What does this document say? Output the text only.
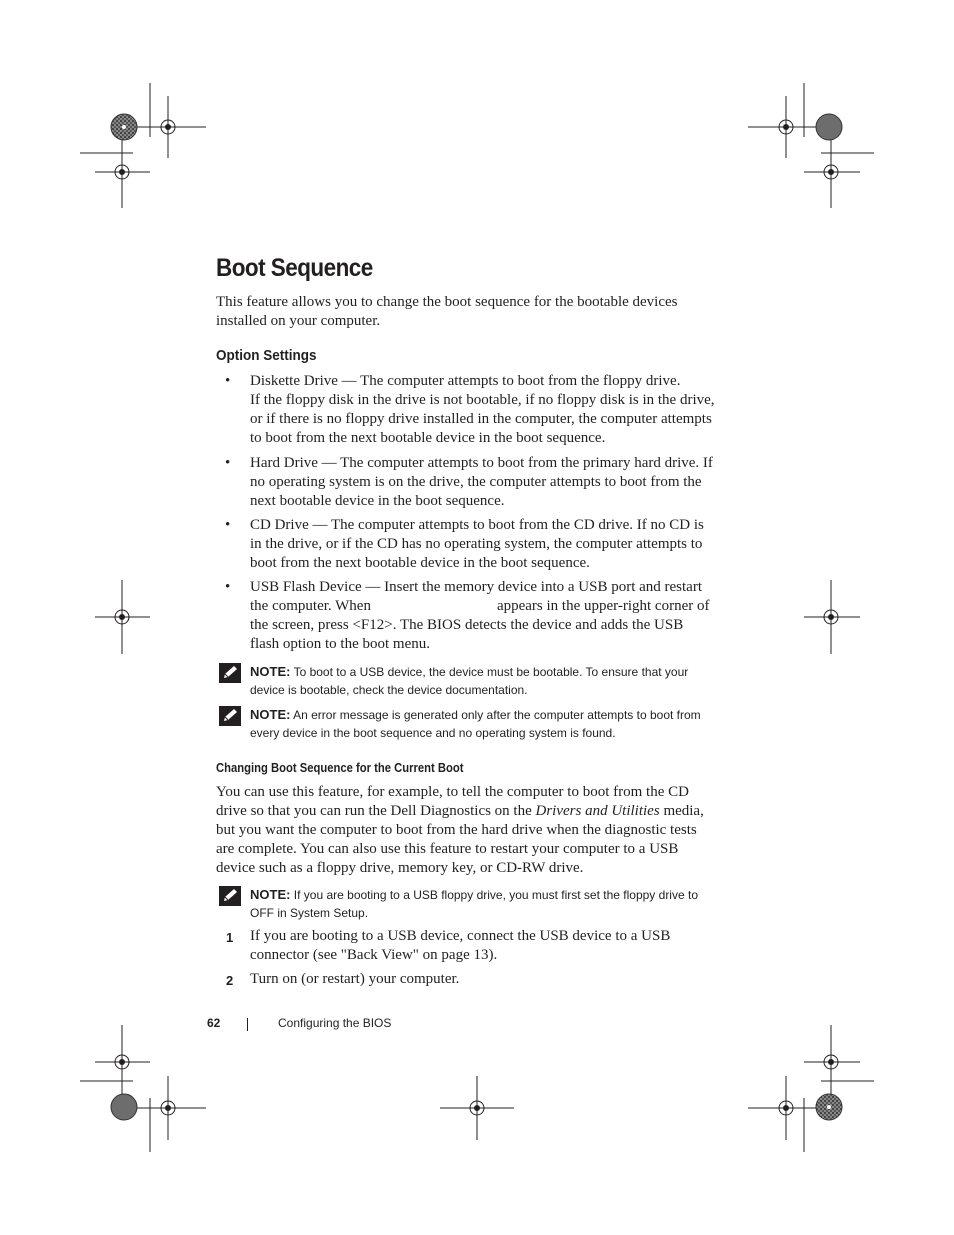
Boot Sequence

This feature allows you to change the boot sequence for the bootable devices installed on your computer.

Option Settings
• Diskette Drive — The computer attempts to boot from the floppy drive.
If the floppy disk in the drive is not bootable, if no floppy disk is in the drive, or if there is no floppy drive installed in the computer, the computer attempts to boot from the next bootable device in the boot sequence.
• Hard Drive — The computer attempts to boot from the primary hard drive. If no operating system is on the drive, the computer attempts to boot from the next bootable device in the boot sequence.
• CD Drive — The computer attempts to boot from the CD drive. If no CD is in the drive, or if the CD has no operating system, the computer attempts to boot from the next bootable device in the boot sequence.
• USB Flash Device — Insert the memory device into a USB port and restart the computer. When	appears in the upper-right corner of the screen, press <F12>. The BIOS detects the device and adds the USB flash option to the boot menu.
NOTE: To boot to a USB device, the device must be bootable. To ensure that your device is bootable, check the device documentation.
NOTE: An error message is generated only after the computer attempts to boot from every device in the boot sequence and no operating system is found.
Changing Boot Sequence for the Current Boot

You can use this feature, for example, to tell the computer to boot from the CD drive so that you can run the Dell Diagnostics on the Drivers and Utilities media, but you want the computer to boot from the hard drive when the diagnostic tests are complete. You can also use this feature to restart your computer to a USB device such as a floppy drive, memory key, or CD-RW drive.

NOTE: If you are booting to a USB floppy drive, you must first set the floppy drive to OFF in System Setup.
1 If you are booting to a USB device, connect the USB device to a USB connector (see "Back View" on page 13).
2 Turn on (or restart) your computer.
62	Configuring the BIOS
